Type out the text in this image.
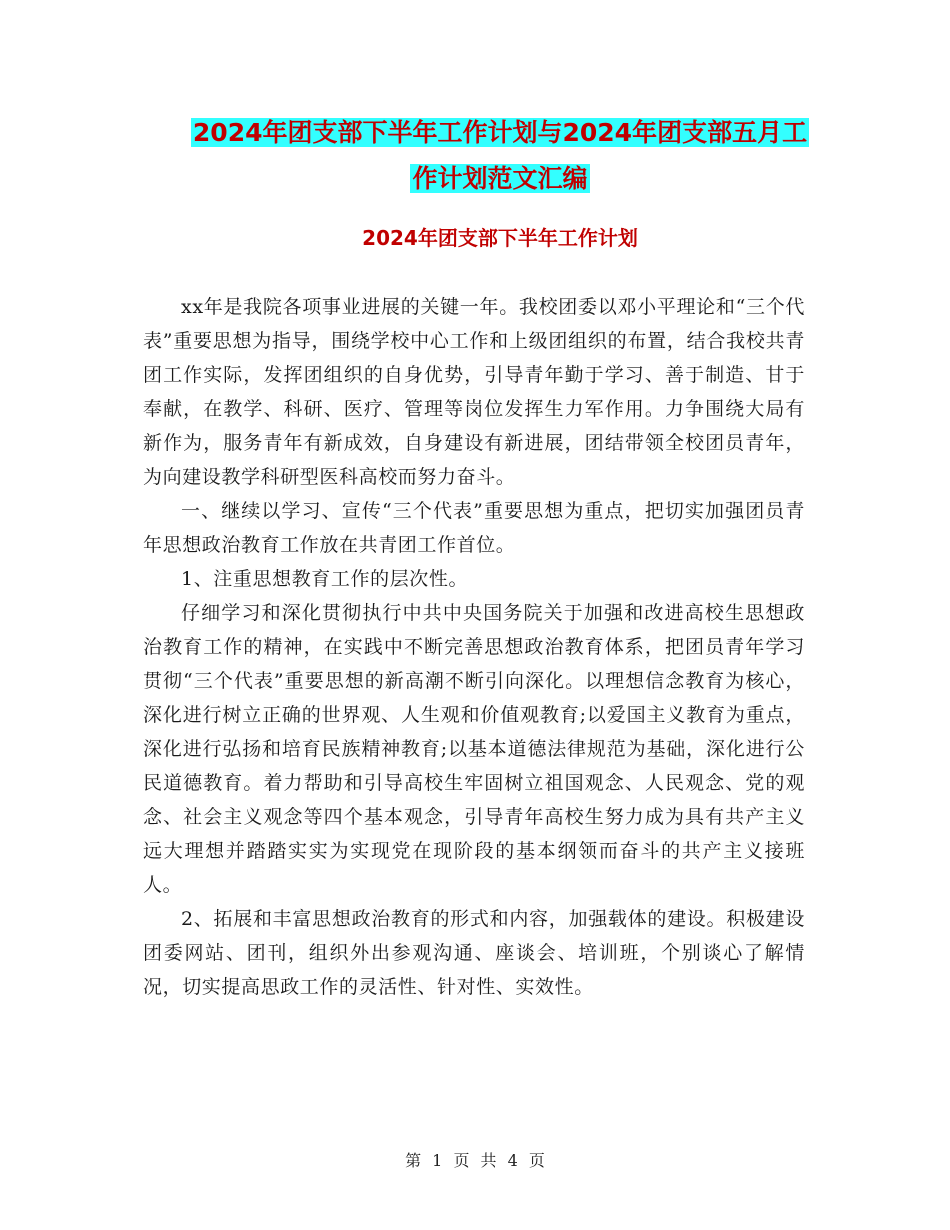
2024年团支部下半年工作计划与2024年团支部五月工
作计划范文汇编
2024年团支部下半年工作计划

xx年是我院各项事业进展的关键一年。我校团委以邓小平理论和“三个代表”重要思想为指导，围绕学校中心工作和上级团组织的布置，结合我校共青团工作实际，发挥团组织的自身优势，引导青年勤于学习、善于制造、甘于奉献，在教学、科研、医疗、管理等岗位发挥生力军作用。力争围绕大局有新作为，服务青年有新成效，自身建设有新进展，团结带领全校团员青年，为向建设教学科研型医科高校而努力奋斗。

一、继续以学习、宣传“三个代表”重要思想为重点，把切实加强团员青年思想政治教育工作放在共青团工作首位。

1、注重思想教育工作的层次性。

仔细学习和深化贯彻执行中共中央国务院关于加强和改进高校生思想政治教育工作的精神，在实践中不断完善思想政治教育体系，把团员青年学习贯彻“三个代表”重要思想的新高潮不断引向深化。以理想信念教育为核心，深化进行树立正确的世界观、人生观和价值观教育;以爱国主义教育为重点，深化进行弘扬和培育民族精神教育;以基本道德法律规范为基础，深化进行公民道德教育。着力帮助和引导高校生牢固树立祖国观念、人民观念、党的观念、社会主义观念等四个基本观念，引导青年高校生努力成为具有共产主义远大理想并踏踏实实为实现党在现阶段的基本纲领而奋斗的共产主义接班人。

2、拓展和丰富思想政治教育的形式和内容，加强载体的建设。积极建设团委网站、团刊，组织外出参观沟通、座谈会、培训班，个别谈心了解情况，切实提高思政工作的灵活性、针对性、实效性。

第 1 页 共 4 页
